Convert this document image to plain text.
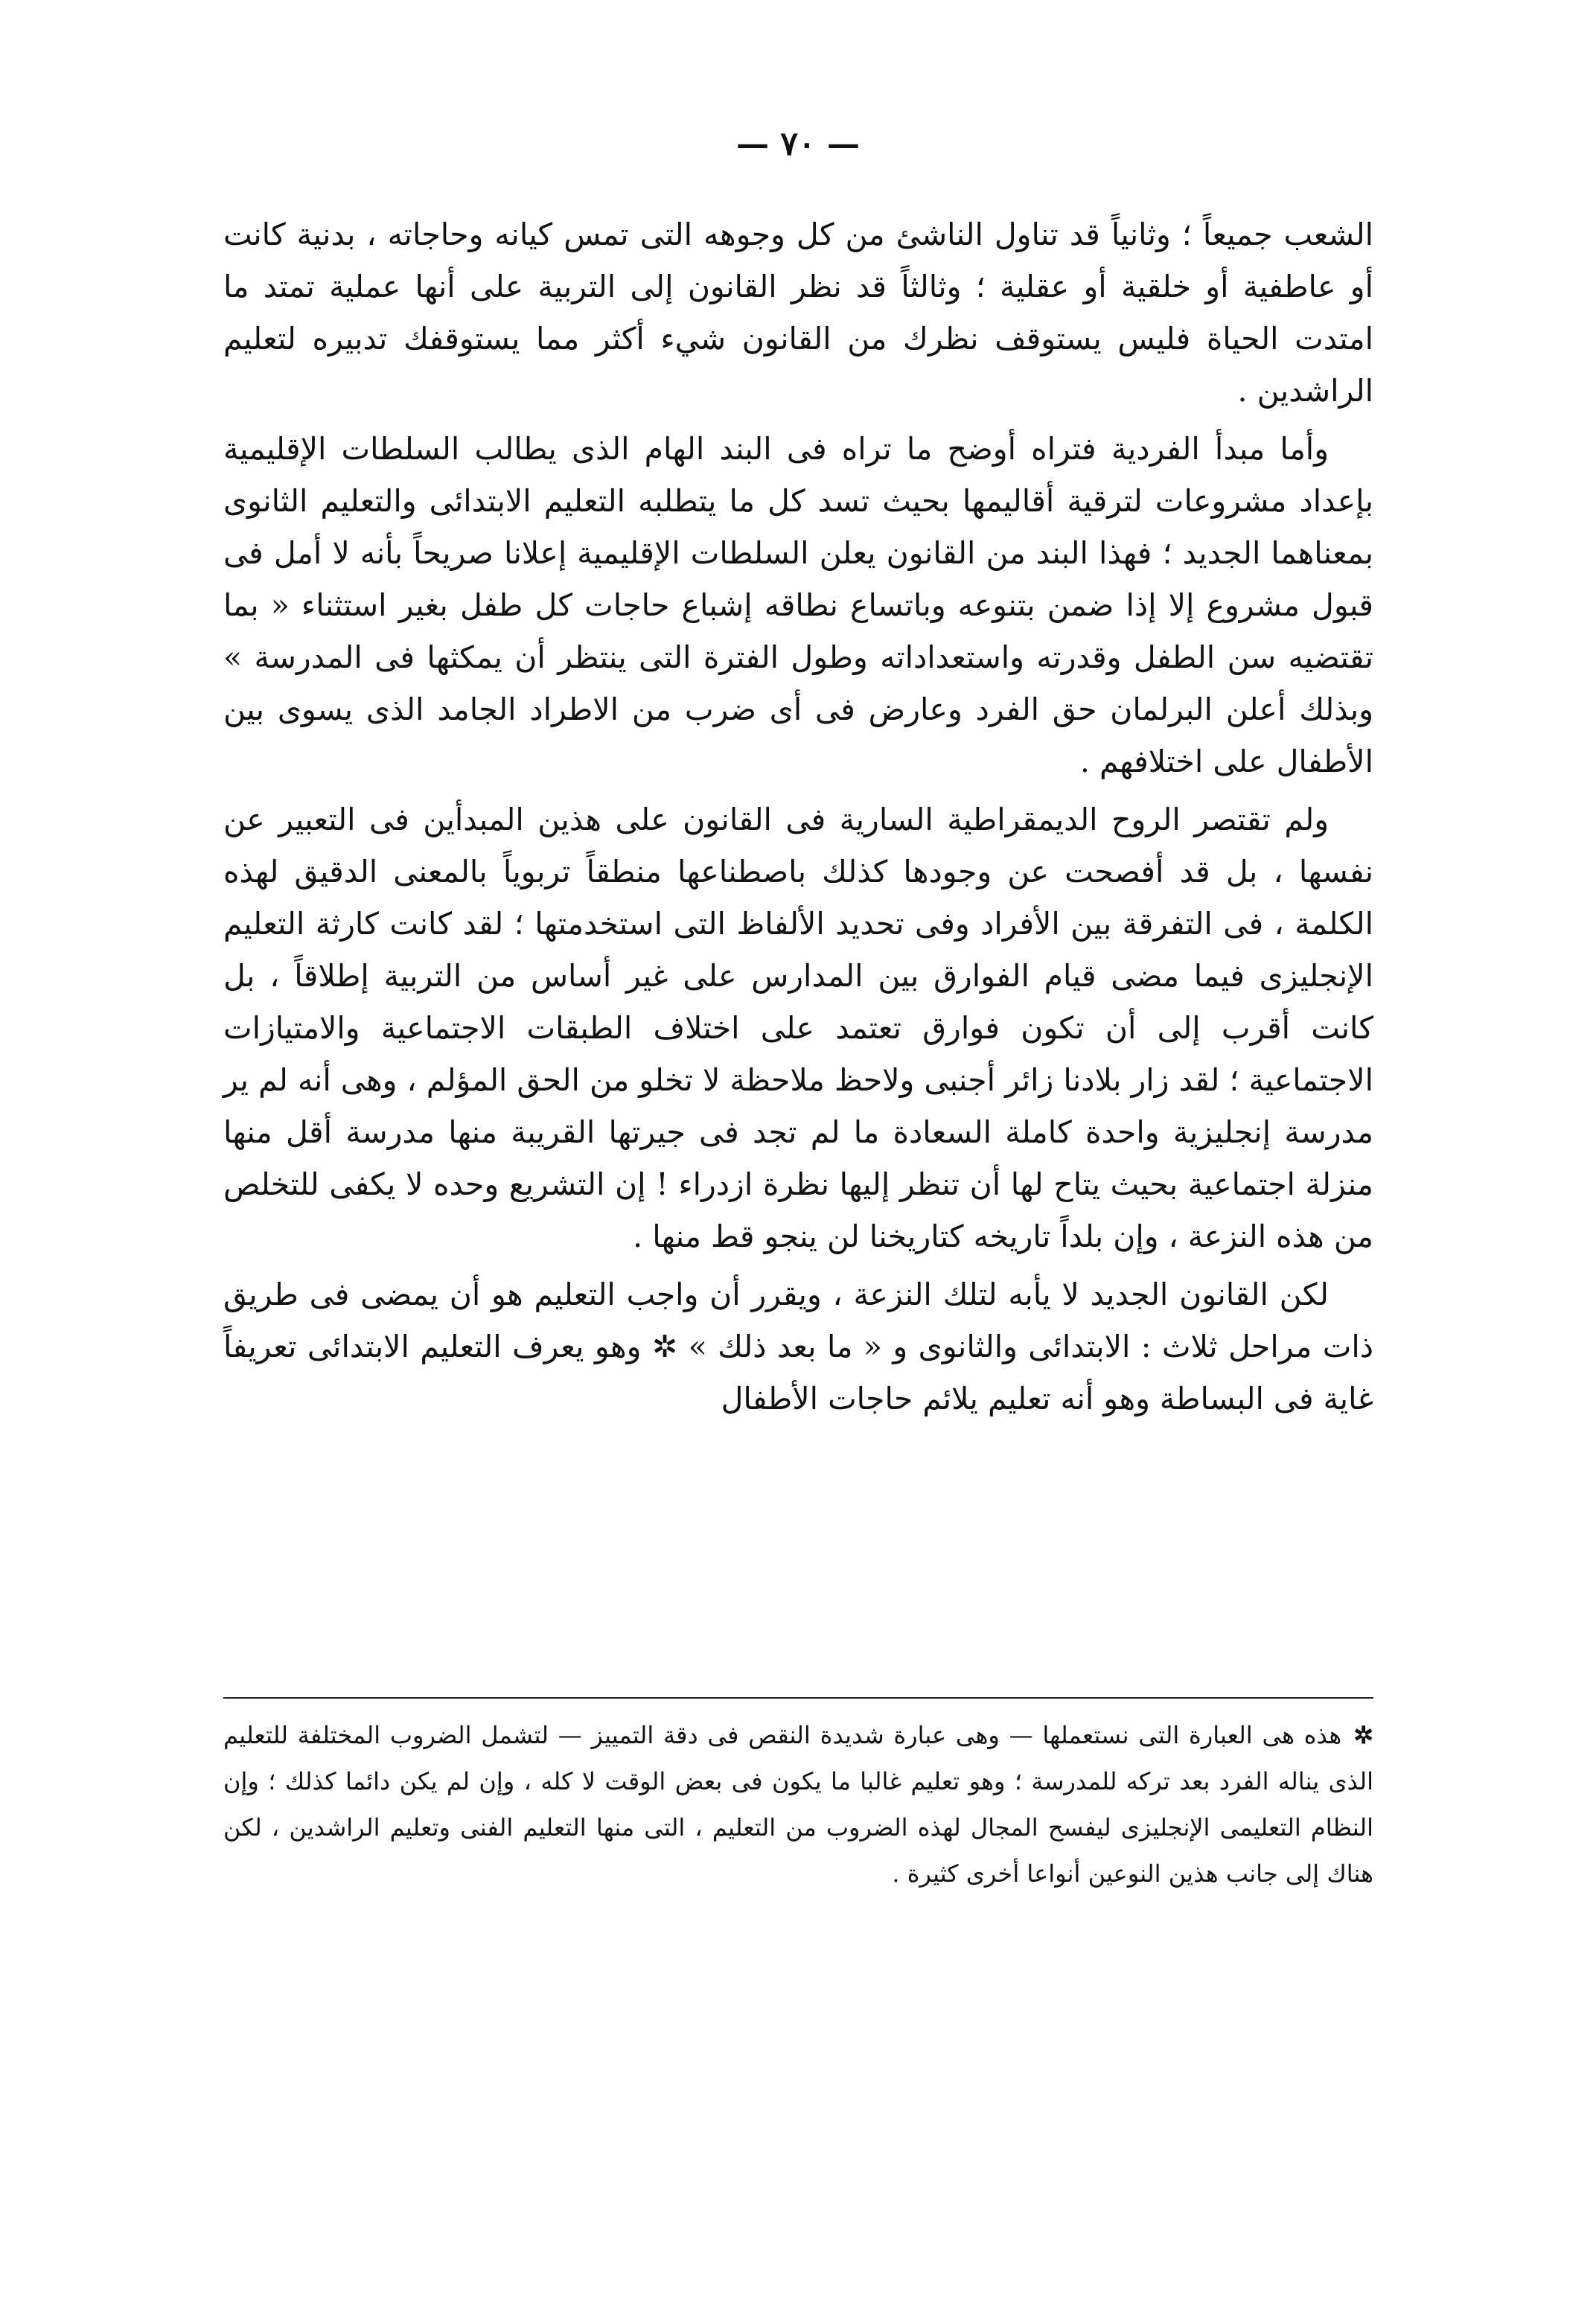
— ٧٠ —

الشعب جميعاً ؛ وثانياً قد تناول الناشئ من كل وجوهه التى تمس كيانه وحاجاته ، بدنية كانت أو عاطفية أو خلقية أو عقلية ؛ وثالثاً قد نظر القانون إلى التربية على أنها عملية تمتد ما امتدت الحياة فليس يستوقف نظرك من القانون شيء أكثر مما يستوقفك تدبيره لتعليم الراشدين .

وأما مبدأ الفردية فتراه أوضح ما تراه فى البند الهام الذى يطالب السلطات الإقليمية بإعداد مشروعات لترقية أقاليمها بحيث تسد كل ما يتطلبه التعليم الابتدائى والتعليم الثانوى بمعناهما الجديد ؛ فهذا البند من القانون يعلن السلطات الإقليمية إعلانا صريحاً بأنه لا أمل فى قبول مشروع إلا إذا ضمن بتنوعه وباتساع نطاقه إشباع حاجات كل طفل بغير استثناء « بما تقتضيه سن الطفل وقدرته واستعداداته وطول الفترة التى ينتظر أن يمكثها فى المدرسة » وبذلك أعلن البرلمان حق الفرد وعارض فى أى ضرب من الاطراد الجامد الذى يسوى بين الأطفال على اختلافهم .

ولم تقتصر الروح الديمقراطية السارية فى القانون على هذين المبدأين فى التعبير عن نفسها ، بل قد أفصحت عن وجودها كذلك باصطناعها منطقاً تربوياً بالمعنى الدقيق لهذه الكلمة ، فى التفرقة بين الأفراد وفى تحديد الألفاظ التى استخدمتها ؛ لقد كانت كارثة التعليم الإنجليزى فيما مضى قيام الفوارق بين المدارس على غير أساس من التربية إطلاقاً ، بل كانت أقرب إلى أن تكون فوارق تعتمد على اختلاف الطبقات الاجتماعية والامتيازات الاجتماعية ؛ لقد زار بلادنا زائر أجنبى ولاحظ ملاحظة لا تخلو من الحق المؤلم ، وهى أنه لم ير مدرسة إنجليزية واحدة كاملة السعادة ما لم تجد فى جيرتها القريبة منها مدرسة أقل منها منزلة اجتماعية بحيث يتاح لها أن تنظر إليها نظرة ازدراء ! إن التشريع وحده لا يكفى للتخلص من هذه النزعة ، وإن بلداً تاريخه كتاريخنا لن ينجو قط منها .

لكن القانون الجديد لا يأبه لتلك النزعة ، ويقرر أن واجب التعليم هو أن يمضى فى طريق ذات مراحل ثلاث : الابتدائى والثانوى و « ما بعد ذلك » ✲ وهو يعرف التعليم الابتدائى تعريفاً غاية فى البساطة وهو أنه تعليم يلائم حاجات الأطفال

✲هذه هى العبارة التى نستعملها — وهى عبارة شديدة النقص فى دقة التمييز — لتشمل الضروب المختلفة للتعليم الذى يناله الفرد بعد تركه للمدرسة ؛ وهو تعليم غالبا ما يكون فى بعض الوقت لا كله ، وإن لم يكن دائما كذلك ؛ وإن النظام التعليمى الإنجليزى ليفسح المجال لهذه الضروب من التعليم ، التى منها التعليم الفنى وتعليم الراشدين ، لكن هناك إلى جانب هذين النوعين أنواعا أخرى كثيرة .
